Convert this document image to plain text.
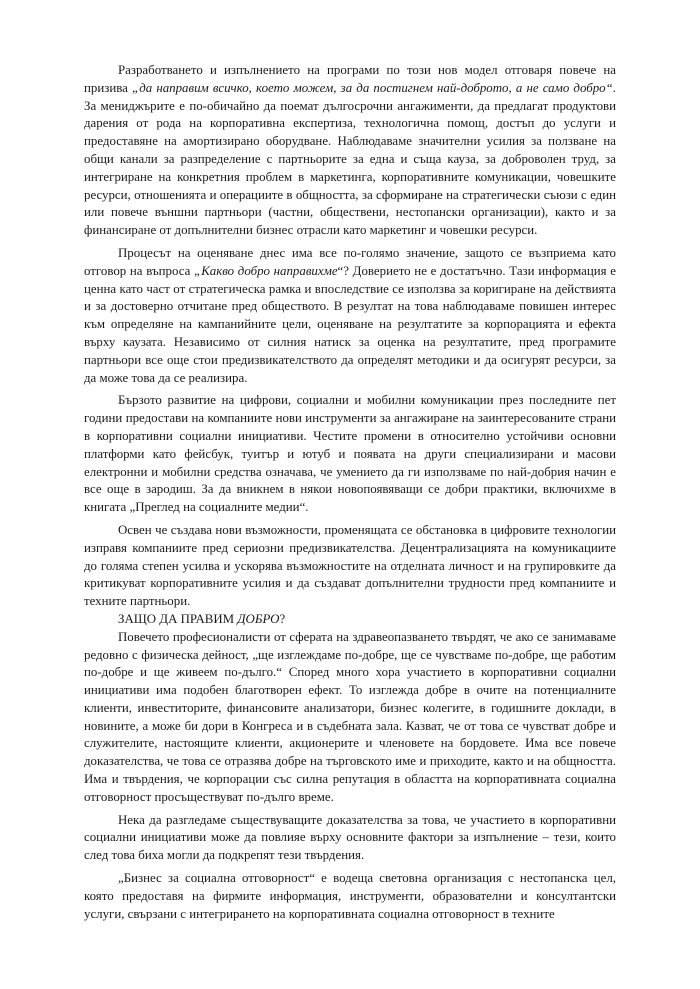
Разработването и изпълнението на програми по този нов модел отговаря повече на призива „да направим всичко, което можем, за да постигнем най-доброто, а не само добро“. За мениджърите е по-обичайно да поемат дългосрочни ангажименти, да предлагат продуктови дарения от рода на корпоративна експертиза, технологична помощ, достъп до услуги и предоставяне на амортизирано оборудване. Наблюдаваме значителни усилия за ползване на общи канали за разпределение с партньорите за една и съща кауза, за доброволен труд, за интегриране на конкретния проблем в маркетинга, корпоративните комуникации, човешките ресурси, отношенията и операциите в общността, за сформиране на стратегически съюзи с един или повече външни партньори (частни, обществени, нестопански организации), както и за финансиране от допълнителни бизнес отрасли като маркетинг и човешки ресурси.

Процесът на оценяване днес има все по-голямо значение, защото се възприема като отговор на въпроса „Какво добро направихме“? Доверието не е достатъчно. Тази информация е ценна като част от стратегическа рамка и впоследствие се използва за коригиране на действията и за достоверно отчитане пред обществото. В резултат на това наблюдаваме повишен интерес към определяне на кампанийните цели, оценяване на резултатите за корпорацията и ефекта върху каузата. Независимо от силния натиск за оценка на резултатите, пред програмите партньори все още стои предизвикателството да определят методики и да осигурят ресурси, за да може това да се реализира.

Бързото развитие на цифрови, социални и мобилни комуникации през последните пет години предостави на компаниите нови инструменти за ангажиране на заинтересованите страни в корпоративни социални инициативи. Честите промени в относително устойчиви основни платформи като фейсбук, туитър и ютуб и появата на други специализирани и масови електронни и мобилни средства означава, че умението да ги използваме по най-добрия начин е все още в зародиш. За да вникнем в някои новопоявяващи се добри практики, включихме в книгата „Преглед на социалните медии“.

Освен че създава нови възможности, променящата се обстановка в цифровите технологии изправя компаниите пред сериозни предизвикателства. Децентрализацията на комуникациите до голяма степен усилва и ускорява възможностите на отделната личност и на групировките да критикуват корпоративните усилия и да създават допълнителни трудности пред компаниите и техните партньори.

ЗАЩО ДА ПРАВИМ ДОБРО?

Повечето професионалисти от сферата на здравеопазването твърдят, че ако се занимаваме редовно с физическа дейност, „ще изглеждаме по-добре, ще се чувстваме по-добре, ще работим по-добре и ще живеем по-дълго.“ Според много хора участието в корпоративни социални инициативи има подобен благотворен ефект. То изглежда добре в очите на потенциалните клиенти, инвеститорите, финансовите анализатори, бизнес колегите, в годишните доклади, в новините, а може би дори в Конгреса и в съдебната зала. Казват, че от това се чувстват добре и служителите, настоящите клиенти, акционерите и членовете на бордовете. Има все повече доказателства, че това се отразява добре на търговското име и приходите, както и на общността. Има и твърдения, че корпорации със силна репутация в областта на корпоративната социална отговорност просъществуват по-дълго време.

Нека да разгледаме съществуващите доказателства за това, че участието в корпоративни социални инициативи може да повлияе върху основните фактори за изпълнение – тези, които след това биха могли да подкрепят тези твърдения.

„Бизнес за социална отговорност“ е водеща световна организация с нестопанска цел, която предоставя на фирмите информация, инструменти, образователни и консултантски услуги, свързани с интегрирането на корпоративната социална отговорност в техните
